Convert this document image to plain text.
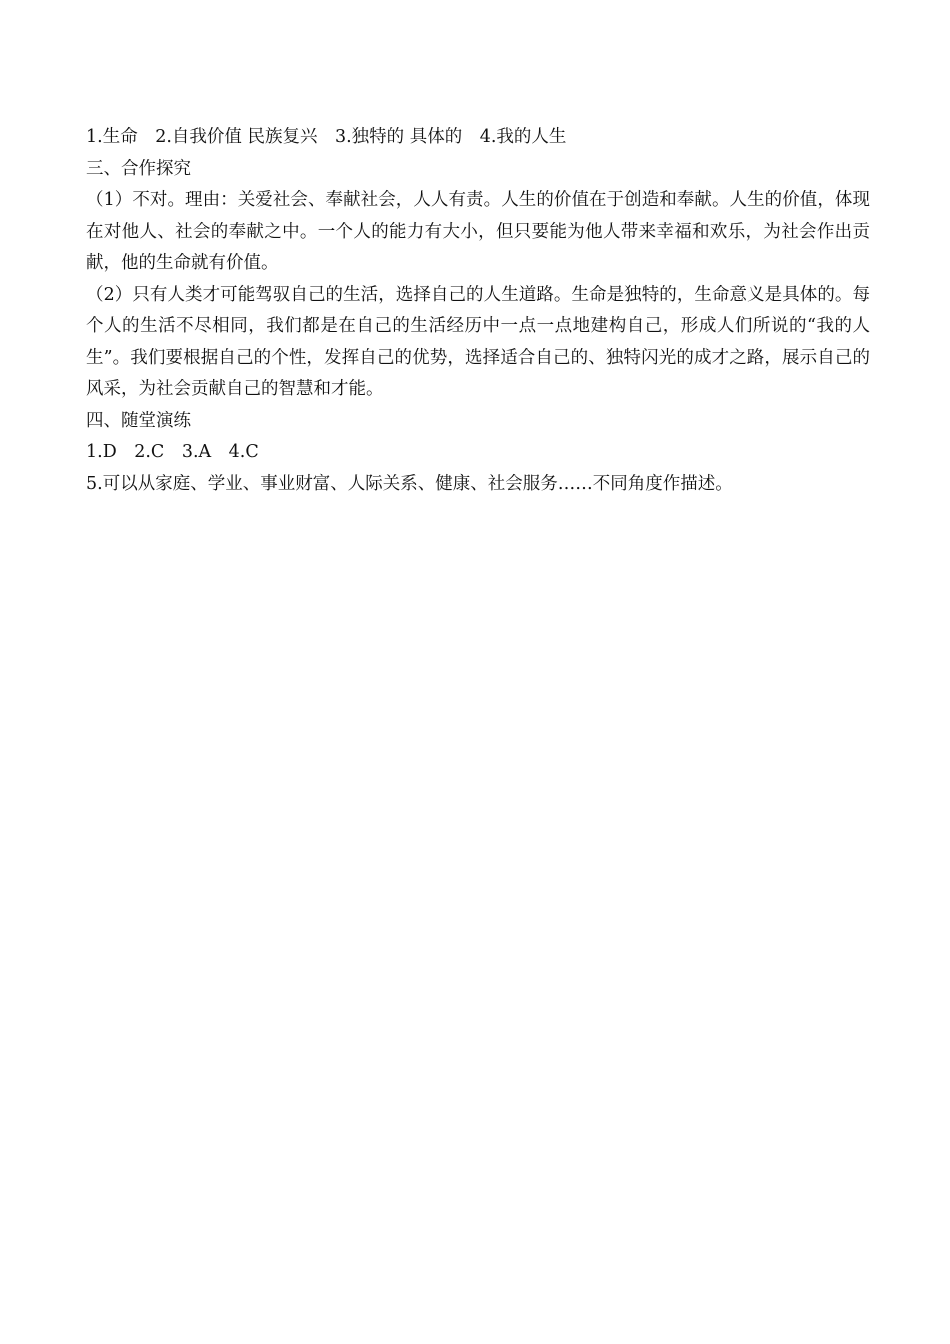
1.生命　2.自我价值 民族复兴　3.独特的 具体的　4.我的人生
三、合作探究
（1）不对。理由：关爱社会、奉献社会，人人有责。人生的价值在于创造和奉献。人生的价值，体现在对他人、社会的奉献之中。一个人的能力有大小，但只要能为他人带来幸福和欢乐，为社会作出贡献，他的生命就有价值。
（2）只有人类才可能驾驭自己的生活，选择自己的人生道路。生命是独特的，生命意义是具体的。每个人的生活不尽相同，我们都是在自己的生活经历中一点一点地建构自己，形成人们所说的“我的人生”。我们要根据自己的个性，发挥自己的优势，选择适合自己的、独特闪光的成才之路，展示自己的风采，为社会贡献自己的智慧和才能。
四、随堂演练
1.D　2.C　3.A　4.C
5.可以从家庭、学业、事业财富、人际关系、健康、社会服务……不同角度作描述。
